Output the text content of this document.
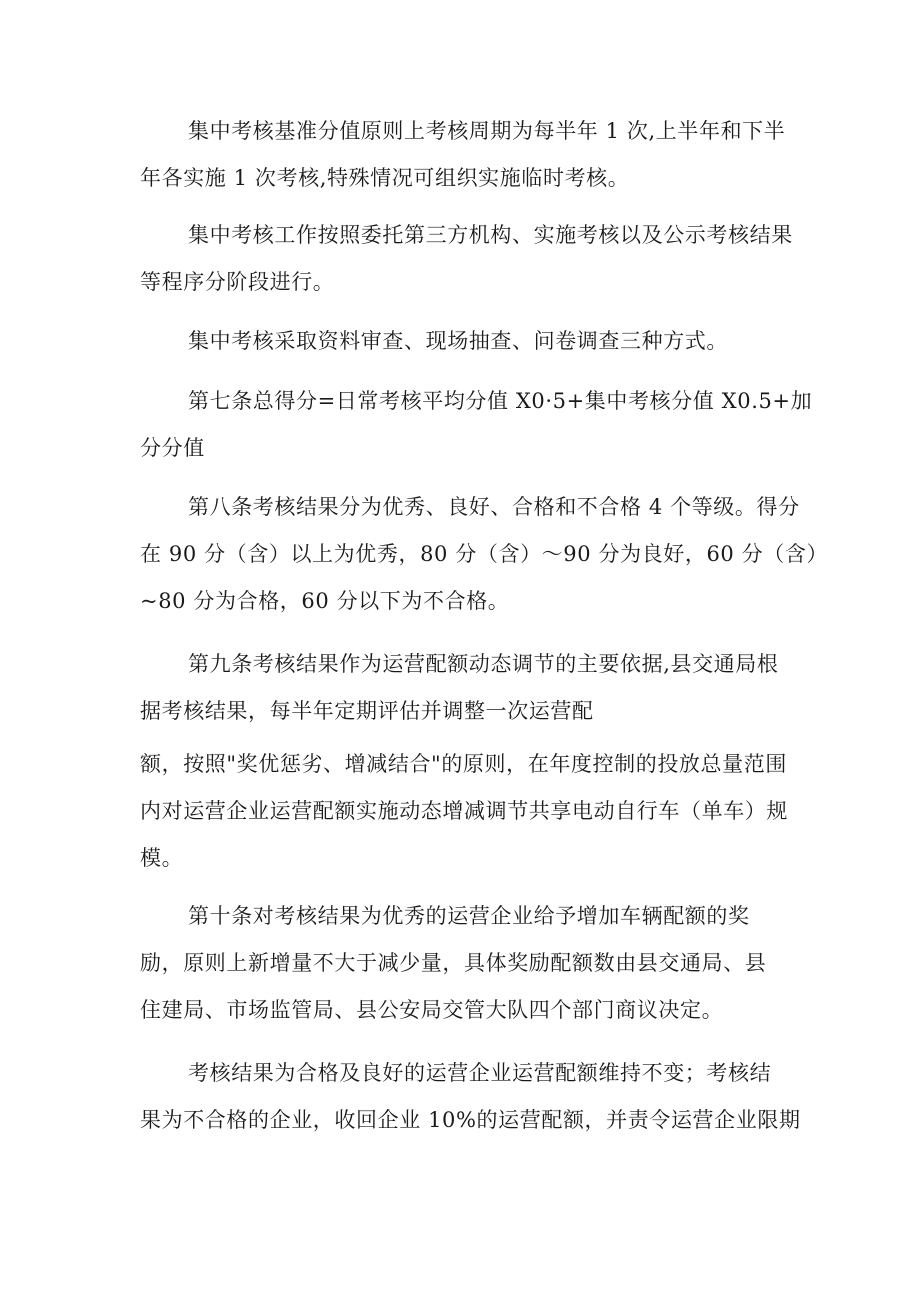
集中考核基准分值原则上考核周期为每半年 1 次,上半年和下半
年各实施 1 次考核,特殊情况可组织实施临时考核。
集中考核工作按照委托第三方机构、实施考核以及公示考核结果
等程序分阶段进行。
集中考核采取资料审查、现场抽查、问卷调查三种方式。
第七条总得分=日常考核平均分值 X0·5+集中考核分值 X0.5+加
分分值
第八条考核结果分为优秀、良好、合格和不合格 4 个等级。得分
在 90 分（含）以上为优秀，80 分（含）～90 分为良好，60 分（含）
~80 分为合格，60 分以下为不合格。
第九条考核结果作为运营配额动态调节的主要依据,县交通局根
据考核结果，每半年定期评估并调整一次运营配
额，按照"奖优惩劣、增减结合"的原则，在年度控制的投放总量范围
内对运营企业运营配额实施动态增减调节共享电动自行车（单车）规
模。
第十条对考核结果为优秀的运营企业给予增加车辆配额的奖
励，原则上新增量不大于减少量，具体奖励配额数由县交通局、县
住建局、市场监管局、县公安局交管大队四个部门商议决定。
考核结果为合格及良好的运营企业运营配额维持不变；考核结
果为不合格的企业，收回企业 10%的运营配额，并责令运营企业限期
